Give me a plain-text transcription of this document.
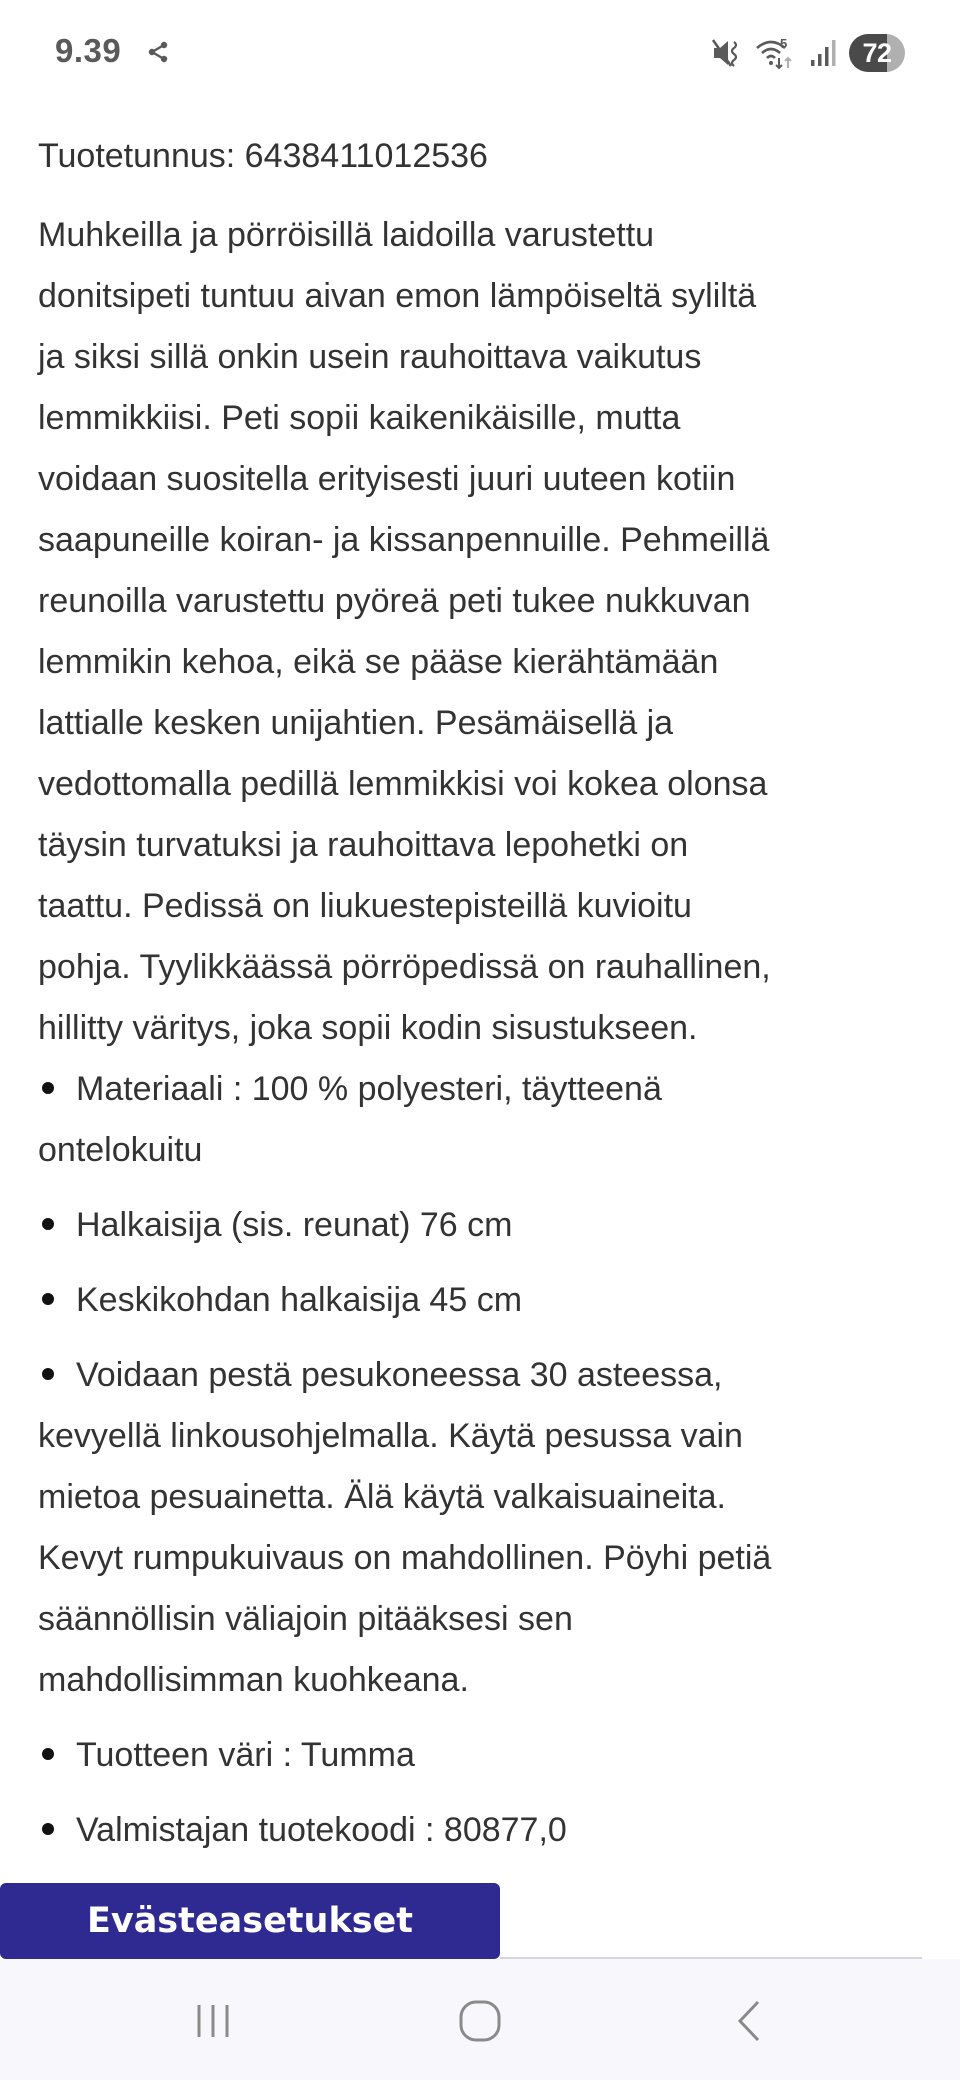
9.39	5	72
Tuotetunnus: 6438411012536
Muhkeilla ja pörröisillä laidoilla varustettu
donitsipeti tuntuu aivan emon lämpöiseltä syliltä
ja siksi sillä onkin usein rauhoittava vaikutus
lemmikkiisi. Peti sopii kaikenikäisille, mutta
voidaan suositella erityisesti juuri uuteen kotiin
saapuneille koiran- ja kissanpennuille. Pehmeillä
reunoilla varustettu pyöreä peti tukee nukkuvan
lemmikin kehoa, eikä se pääse kierähtämään
lattialle kesken unijahtien. Pesämäisellä ja
vedottomalla pedillä lemmikkisi voi kokea olonsa
täysin turvatuksi ja rauhoittava lepohetki on
taattu. Pedissä on liukuestepisteillä kuvioitu
pohja. Tyylikkäässä pörröpedissä on rauhallinen,
hillitty väritys, joka sopii kodin sisustukseen.
Materiaali : 100 % polyesteri, täytteenä
ontelokuitu
Halkaisija (sis. reunat) 76 cm
Keskikohdan halkaisija 45 cm
Voidaan pestä pesukoneessa 30 asteessa,
kevyellä linkousohjelmalla. Käytä pesussa vain
mietoa pesuainetta. Älä käytä valkaisuaineita.
Kevyt rumpukuivaus on mahdollinen. Pöyhi petiä
säännöllisin väliajoin pitääksesi sen
mahdollisimman kuohkeana.
Tuotteen väri : Tumma
Valmistajan tuotekoodi : 80877,0
Evästeasetukset
